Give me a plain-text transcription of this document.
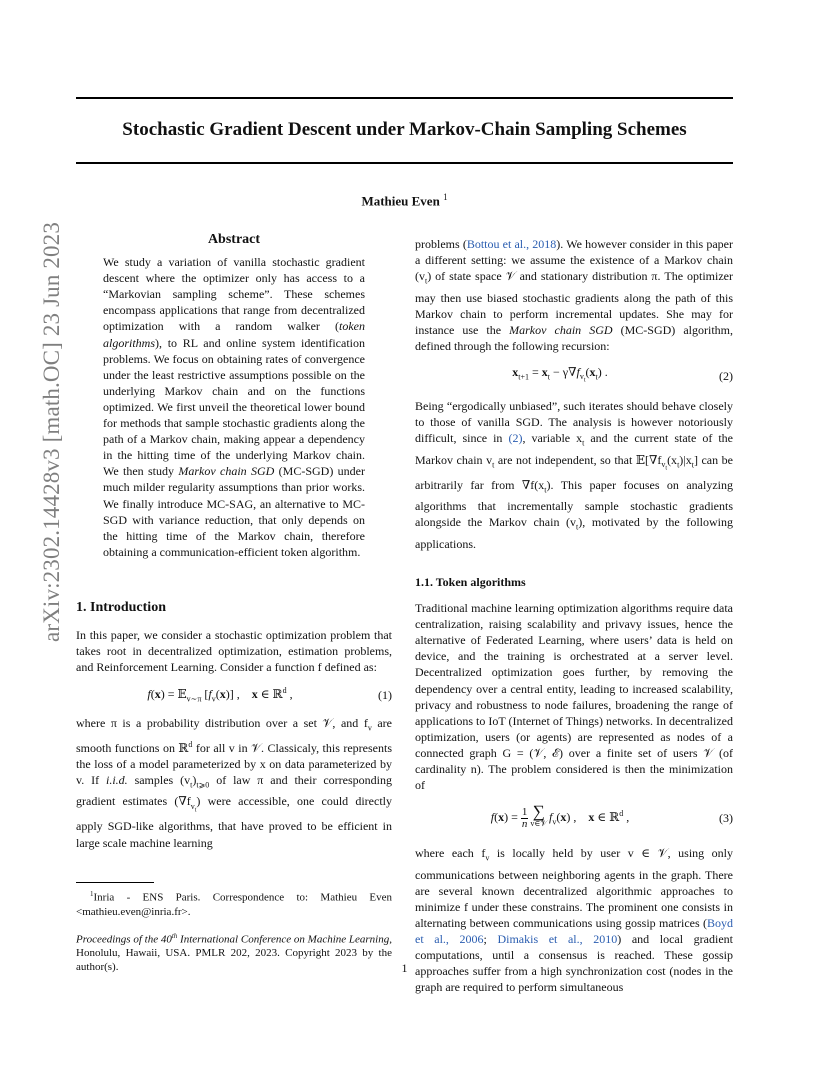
Stochastic Gradient Descent under Markov-Chain Sampling Schemes
Mathieu Even $^1$
arXiv:2302.14428v3 [math.OC] 23 Jun 2023	Abstract

We study a variation of vanilla stochastic gradient descent where the optimizer only has access to a “Markovian sampling scheme”. These schemes encompass applications that range from decentralized optimization with a random walker (token algorithms), to RL and online system identification problems. We focus on obtaining rates of convergence under the least restrictive assumptions possible on the underlying Markov chain and on the functions optimized. We first unveil the theoretical lower bound for methods that sample stochastic gradients along the path of a Markov chain, making appear a dependency in the hitting time of the underlying Markov chain. We then study Markov chain SGD (MC-SGD) under much milder regularity assumptions than prior works. We finally introduce MC-SAG, an alternative to MC-SGD with variance reduction, that only depends on the hitting time of the Markov chain, therefore obtaining a communication-efficient token algorithm.

1. Introduction

In this paper, we consider a stochastic optimization problem that takes root in decentralized optimization, estimation problems, and Reinforcement Learning. Consider a function f defined as:

f(x) = 𝔼$_{v\sim\pi}$ $[f_v(x)]$ ,    x ∈ ℝ$^d$ ,	(1)

where π is a probability distribution over a set 𝒱, and $f_v$ are smooth functions on ℝ$^d$ for all v in 𝒱. Classicaly, this represents the loss of a model parameterized by x on data parameterized by v. If i.i.d. samples $(v_t)_{t⩾0}$ of law π and their corresponding gradient estimates $(\nabla f_{v_t})$ were accessible, one could directly apply SGD-like algorithms, that have proved to be efficient in large scale machine learning

problems (Bottou et al., 2018). We however consider in this paper a different setting: we assume the existence of a Markov chain $(v_t)$ of state space 𝒱 and stationary distribution π. The optimizer may then use biased stochastic gradients along the path of this Markov chain to perform incremental updates. She may for instance use the Markov chain SGD (MC-SGD) algorithm, defined through the following recursion:

$x_{t+1} = x_t - \gamma\nabla f_{v_t}(x_t)$ .	(2)

Being “ergodically unbiased”, such iterates should behave closely to those of vanilla SGD. The analysis is however notoriously difficult, since in (2), variable $x_t$ and the current state of the Markov chain $v_t$ are not independent, so that $𝔼[\nabla f_{v_t}(x_t)|x_t]$ can be arbitrarily far from $\nabla f(x_t)$. This paper focuses on analyzing algorithms that incrementally sample stochastic gradients alongside the Markov chain $(v_t)$, motivated by the following applications.

1.1. Token algorithms

Traditional machine learning optimization algorithms require data centralization, raising scalability and privavy issues, hence the alternative of Federated Learning, where users’ data is held on device, and the training is orchestrated at a server level. Decentralized optimization goes further, by removing the dependency over a central entity, leading to increased scalability, privacy and robustness to node failures, broadening the range of applications to IoT (Internet of Things) networks. In decentralized optimization, users (or agents) are represented as nodes of a connected graph G = (𝒱, ℰ) over a finite set of users 𝒱 (of cardinality n). The problem considered is then the minimization of

$f(x) = \frac{1}{n}$ ∑
v∈𝒱 $f_v(x)$ ,    x ∈ ℝ$^d$ ,	(3)

where each $f_v$ is locally held by user v ∈ 𝒱, using only communications between neighboring agents in the graph. There are several known decentralized algorithmic approaches to minimize f under these constrains. The prominent one consists in alternating between communications using gossip matrices (Boyd et al., 2006; Dimakis et al., 2010) and local gradient computations, until a consensus is reached. These gossip approaches suffer from a high synchronization cost (nodes in the graph are required to perform simultaneous

$^1$Inria - ENS Paris. Correspondence to: Mathieu Even <mathieu.even@inria.fr>.

Proceedings of the 40th International Conference on Machine Learning, Honolulu, Hawaii, USA. PMLR 202, 2023. Copyright 2023 by the author(s).	1
